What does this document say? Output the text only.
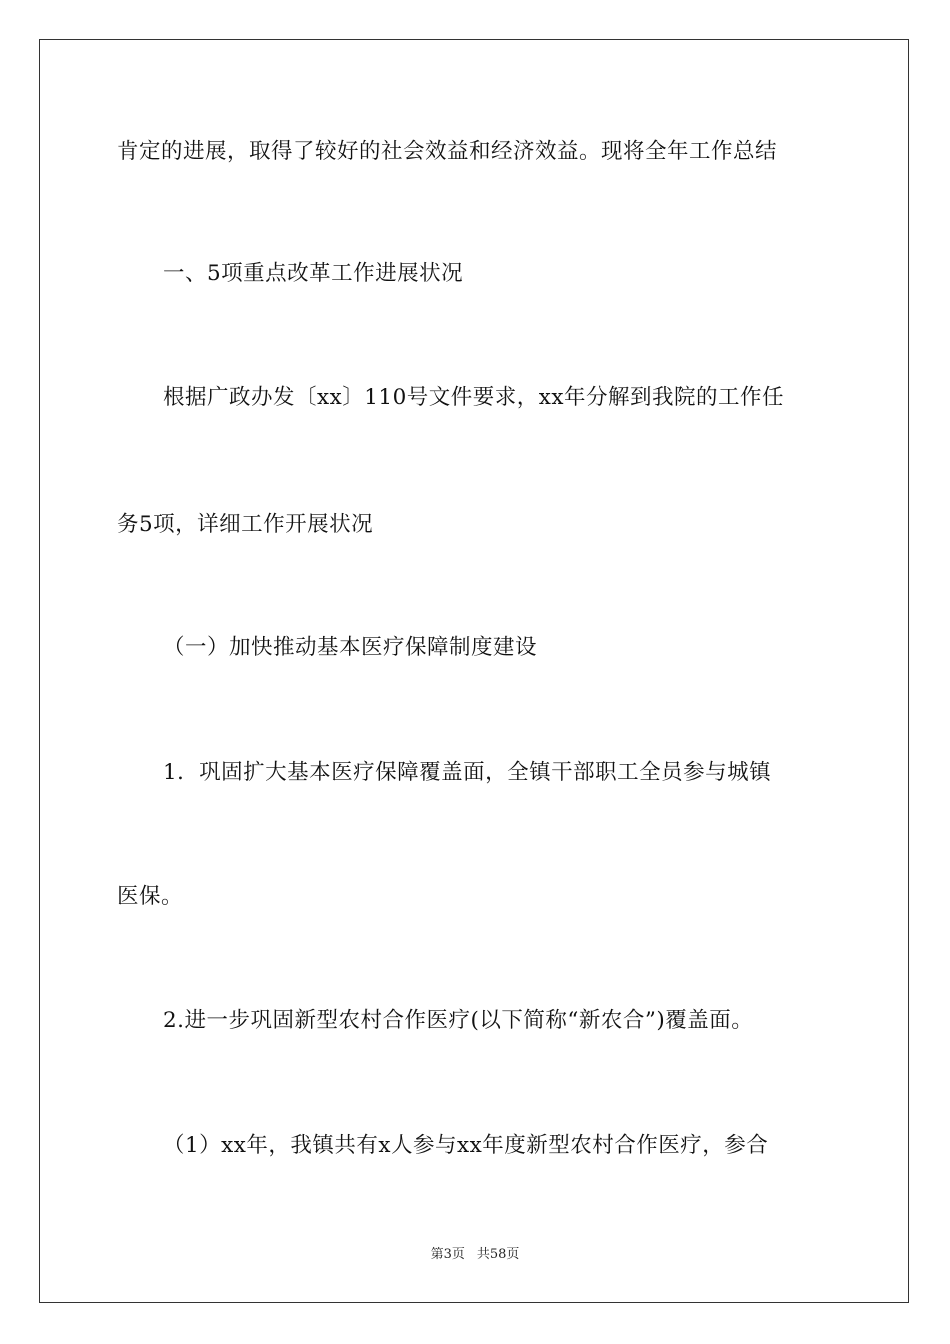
肯定的进展，取得了较好的社会效益和经济效益。现将全年工作总结
一、5项重点改革工作进展状况
根据广政办发〔xx〕110号文件要求，xx年分解到我院的工作任
务5项，详细工作开展状况
（一）加快推动基本医疗保障制度建设
1．巩固扩大基本医疗保障覆盖面，全镇干部职工全员参与城镇
医保。
2.进一步巩固新型农村合作医疗(以下简称“新农合”)覆盖面。
（1）xx年，我镇共有x人参与xx年度新型农村合作医疗，参合
第3页 共58页
